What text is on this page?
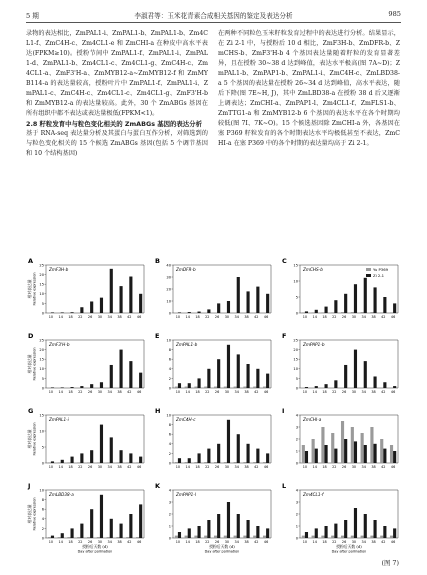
5 期	李淑君等：玉米花青素合成相关基因的鉴定及表达分析	985

录物的表达相比，ZmPAL1-i、ZmPAL1-b、ZmPAL1-b、Zm4CL1-f、ZmC4H-c、Zm4CL1-e 和 ZmCHI-a 在种皮中高水平表达(FPKM≥10)。授粉节间中 ZmPAL1-f、ZmPAL1-i、ZmPAL1-d、ZmPAL1-b、Zm4CL1-c、Zm4CL1-g、ZmC4H-c、Zm4CL1-a、ZmF3'H-a、ZmMYB12-a~ZmMYB12-f 和 ZmMYB114-a 的表达量较高，授粉叶片中 ZmPAL1-f、ZmPAL1-i、ZmPAL1-c、ZmC4H-c、Zm4CL1-c、Zm4CL1-g、ZmF3'H-b 和 ZmMYB12-a 的表达量较高。此外，30 个 ZmABGs 基因在所有组织中都不表达或表达量极低(FPKM<1)。

2.8 籽粒发育中与粒色变化相关的 ZmABGs 基因的表达分析

基于 RNA-seq 表达量分析及其蛋白与蛋白互作分析，对筛选到的与粒色变化相关的 15 个候选 ZmABGs 基因(包括 5 个调节基因和 10 个结构基因)

在两种不同粒色玉米籽粒发育过程中的表达进行分析。结果显示，在 Zi 2-1 中，与授粉后 10 d 相比，ZmF3H-b、ZmDFR-b、ZmCHS-b、ZmF3'H-b 4 个基因表达量随着籽粒的发育显著差异，且在授粉 30~38 d 达到峰值，表达水平极高(图 7A~D)；ZmPAL1-b、ZmPAP1-b、ZmPAL1-i、ZmC4H-c、ZmLBD38-a 5 个基因的表达量在授粉 26~34 d 达到峰值，高水平表达，随后下降(图 7E~H, J)，其中 ZmLBD38-a 在授粉 38 d 后又逐渐上调表达；ZmCHI-a、ZmPAP1-l、Zm4CL1-f、ZmFLS1-b、ZmTTG1-a 和 ZmMYB12-b 6 个基因的表达水平在各个时期均较低(图 7I、7K~O)。15 个候选基因除 ZmCHI-a 外，各基因在塞 P369 籽粒发育的各个时期表达水平均极低甚至不表达，ZmCHI-a 在塞 P369 中的各个时期的表达量均高于 Zi 2-1。

A
ZmF3H-b
0
5
10
15
20
25
10 14 18 22 26 30 34 38 42 46
相对表达量 Relative expression
B
ZmDFR-b
0
10
20
30
40
10 14 18 22 26 30 34 38 42 46
C
ZmCHS-b
0
5
10
15
10 14 18 22 26 30 34 38 42 46
Yu P369
Zi 2-1
D
ZmF3'H-b
0
5
10
15
20
25
10 14 18 22 26 30 34 38 42 46
相对表达量 Relative expression
E
ZmPAL1-b
0
2
4
6
8
10
10 14 18 22 26 30 34 38 42 46
F
ZmPAP1-b
0
5
10
15
20
25
10 14 18 22 26 30 34 38 42 46
G
ZmPAL1-i
0
5
10
15
10 14 18 22 26 30 34 38 42 46
相对表达量 Relative expression
H
ZmC4H-c
0
2
4
6
8
10
10 14 18 22 26 30 34 38 42 46
I
ZmCHI-a
0
1
2
3
4
10 14 18 22 26 30 34 38 42 46
J
ZmLBD38-a
0
2
4
6
8
10
10 14 18 22 26 30 34 38 42 46
相对表达量 Relative expression
授粉后天数 (d)
Day after pollination
K
ZmPAP1-l
0
1
2
3
4
10 14 18 22 26 30 34 38 42 46
授粉后天数 (d)
Day after pollination
L
Zm4CL1-f
0
1
2
3
4
10 14 18 22 26 30 34 38 42 46
授粉后天数 (d)
Day after pollination
(图 7)
